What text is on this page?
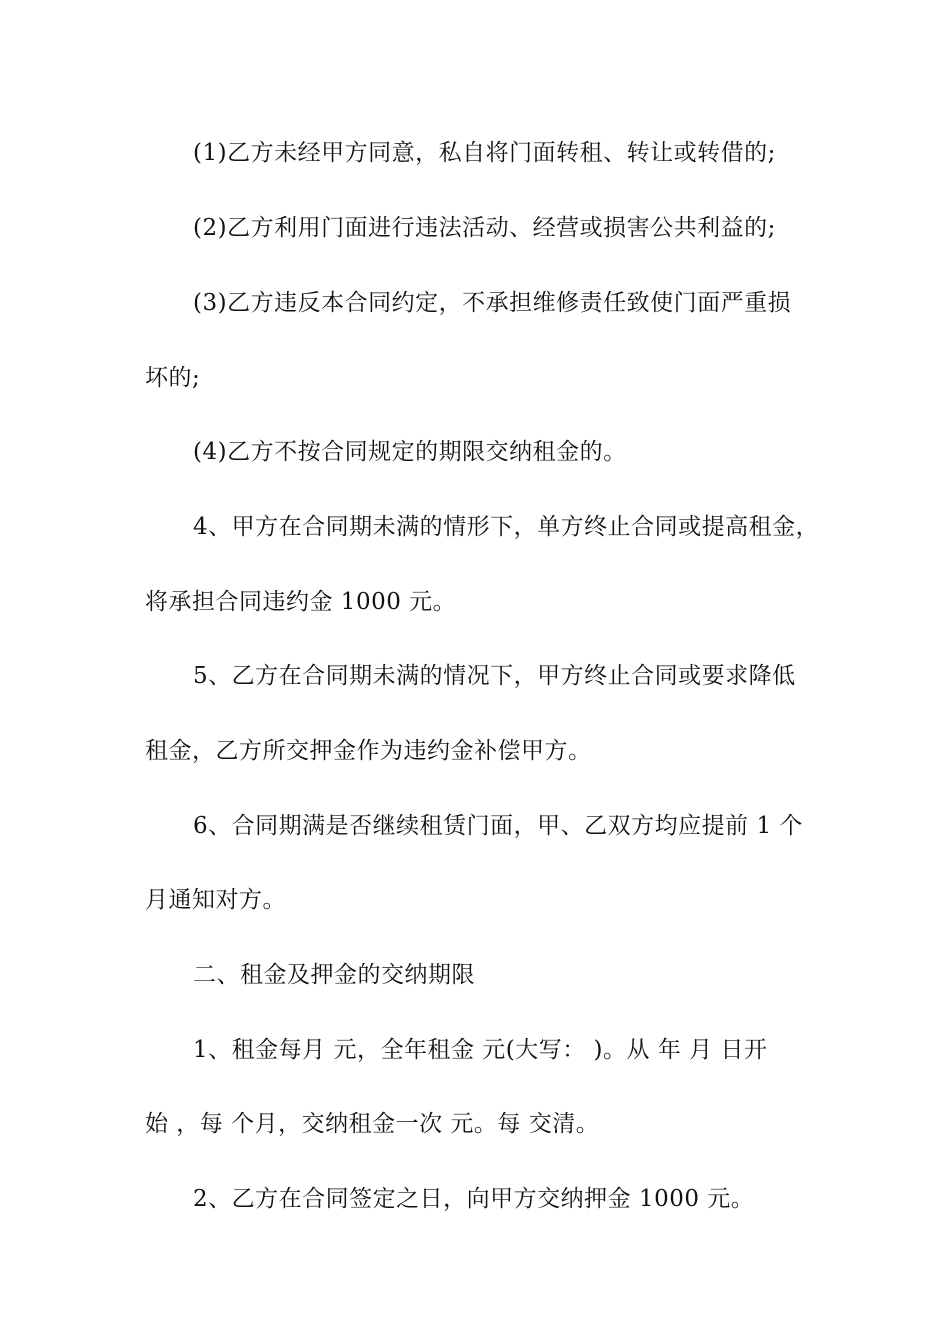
(1)乙方未经甲方同意，私自将门面转租、转让或转借的;
(2)乙方利用门面进行违法活动、经营或损害公共利益的;
(3)乙方违反本合同约定，不承担维修责任致使门面严重损
坏的;
(4)乙方不按合同规定的期限交纳租金的。
4、甲方在合同期未满的情形下，单方终止合同或提高租金，
将承担合同违约金 1000 元。
5、乙方在合同期未满的情况下，甲方终止合同或要求降低
租金，乙方所交押金作为违约金补偿甲方。
6、合同期满是否继续租赁门面，甲、乙双方均应提前 1 个
月通知对方。
二、租金及押金的交纳期限
1、租金每月 元，全年租金 元(大写： )。从 年 月 日开
始 ，每 个月，交纳租金一次 元。每 交清。
2、乙方在合同签定之日，向甲方交纳押金 1000 元。
